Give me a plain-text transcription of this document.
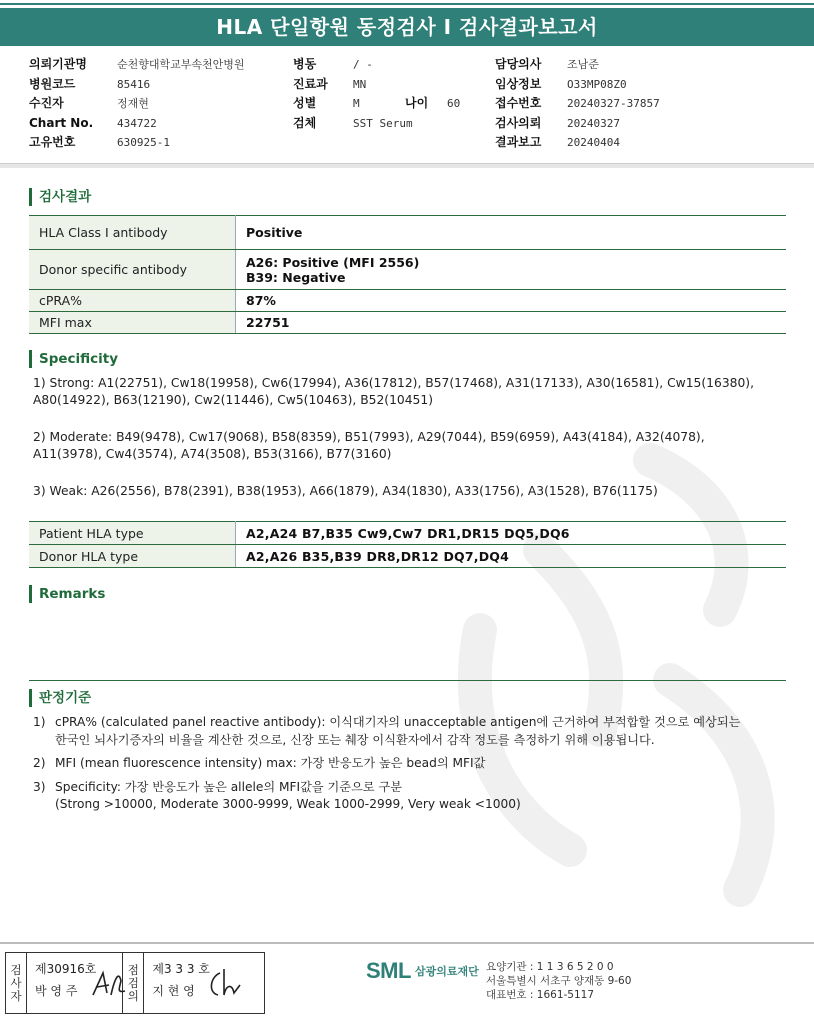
HLA 단일항원 동정검사 I 검사결과보고서
의뢰기관명	순천향대학교부속천안병원
병원코드	85416
수진자	정재현
Chart No.	434722
고유번호	630925-1
병동	/ -
진료과	MN
성별	M	나이	60
검체	SST Serum
담당의사	조남준
임상정보	O33MP08Z0
접수번호	20240327-37857
검사의뢰	20240327
결과보고	20240404
검사결과
HLA Class I antibody	Positive
Donor specific antibody	A26: Positive (MFI 2556)
B39: Negative

cPRA%	87%
MFI max	22751
Specificity

1) Strong: A1(22751), Cw18(19958), Cw6(17994), A36(17812), B57(17468), A31(17133), A30(16581), Cw15(16380),
A80(14922), B63(12190), Cw2(11446), Cw5(10463), B52(10451)

2) Moderate: B49(9478), Cw17(9068), B58(8359), B51(7993), A29(7044), B59(6959), A43(4184), A32(4078),
A11(3978), Cw4(3574), A74(3508), B53(3166), B77(3160)

3) Weak: A26(2556), B78(2391), B38(1953), A66(1879), A34(1830), A33(1756), A3(1528), B76(1175)

Patient HLA type	A2,A24 B7,B35 Cw9,Cw7 DR1,DR15 DQ5,DQ6
Donor HLA type	A2,A26 B35,B39 DR8,DR12 DQ7,DQ4
Remarks
판정기준
1) cPRA% (calculated panel reactive antibody): 이식대기자의 unacceptable antigen에 근거하여 부적합할 것으로 예상되는
한국인 뇌사기증자의 비율을 계산한 것으로, 신장 또는 췌장 이식환자에서 감작 정도를 측정하기 위해 이용됩니다.
2) MFI (mean fluorescence intensity) max: 가장 반응도가 높은 bead의 MFI값
3) Specificity: 가장 반응도가 높은 allele의 MFI값을 기준으로 구분
(Strong >10000, Moderate 3000-9999, Weak 1000-2999, Very weak <1000)
검
사
자
제30916호
박 영 주
점
검
의
제3 3 3 호
지 현 영
SML 삼광의료재단 요양기관 : 1 1 3 6 5 2 0 0
서울특별시 서초구 양재동 9-60
대표번호 : 1661-5117
